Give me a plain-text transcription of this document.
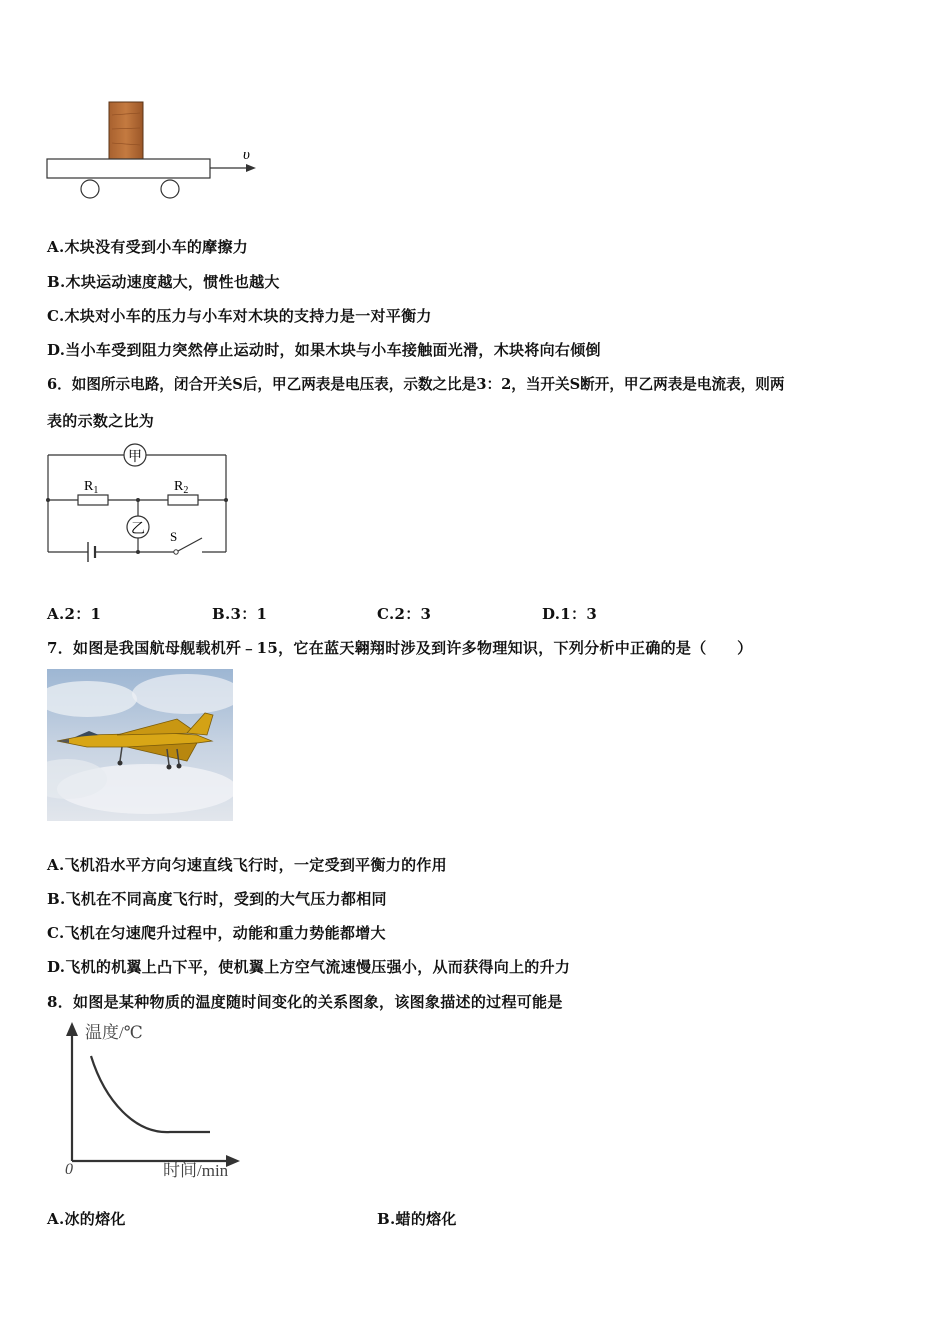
υ
A.木块没有受到小车的摩擦力
B.木块运动速度越大，惯性也越大
C.木块对小车的压力与小车对木块的支持力是一对平衡力
D.当小车受到阻力突然停止运动时，如果木块与小车接触面光滑，木块将向右倾倒
6．如图所示电路，闭合开关S后，甲乙两表是电压表，示数之比是3：2，当开关S断开，甲乙两表是电流表，则两
表的示数之比为
甲
$R_1$	$R_2$
乙 S
A.2：1	B.3：1	C.2：3	D.1：3
7．如图是我国航母舰载机歼﹣15，它在蓝天翱翔时涉及到许多物理知识，下列分析中正确的是（　　）
A.飞机沿水平方向匀速直线飞行时，一定受到平衡力的作用
B.飞机在不同高度飞行时，受到的大气压力都相同
C.飞机在匀速爬升过程中，动能和重力势能都增大
D.飞机的机翼上凸下平，使机翼上方空气流速慢压强小，从而获得向上的升力
8．如图是某种物质的温度随时间变化的关系图象，该图象描述的过程可能是
温度/℃
时间/min
0
A.冰的熔化	B.蜡的熔化
